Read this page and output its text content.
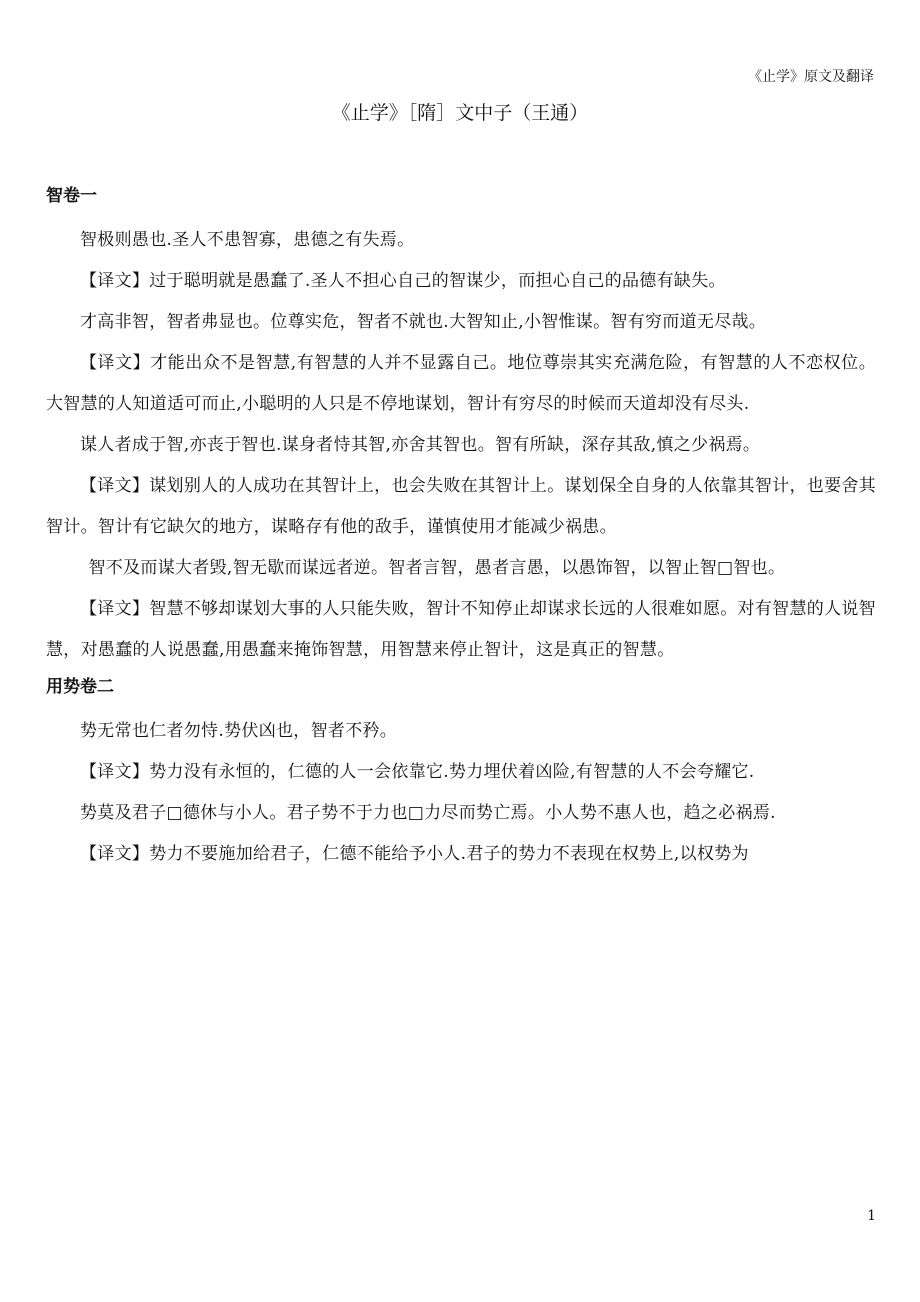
《止学》原文及翻译
《止学》［隋］文中子（王通）

智卷一

智极则愚也.圣人不患智寡，患德之有失焉。

【译文】过于聪明就是愚蠢了.圣人不担心自己的智谋少，而担心自己的品德有缺失。

才高非智，智者弗显也。位尊实危，智者不就也.大智知止,小智惟谋。智有穷而道无尽哉。

【译文】才能出众不是智慧,有智慧的人并不显露自己。地位尊崇其实充满危险，有智慧的人不恋权位。大智慧的人知道适可而止,小聪明的人只是不停地谋划，智计有穷尽的时候而天道却没有尽头.

谋人者成于智,亦丧于智也.谋身者恃其智,亦舍其智也。智有所缺，深存其敌,慎之少祸焉。

【译文】谋划别人的人成功在其智计上，也会失败在其智计上。谋划保全自身的人依靠其智计，也要舍其智计。智计有它缺欠的地方，谋略存有他的敌手，谨慎使用才能减少祸患。

智不及而谋大者毁,智无歇而谋远者逆。智者言智，愚者言愚，以愚饰智，以智止智□智也。

【译文】智慧不够却谋划大事的人只能失败，智计不知停止却谋求长远的人很难如愿。对有智慧的人说智慧，对愚蠢的人说愚蠢,用愚蠢来掩饰智慧，用智慧来停止智计，这是真正的智慧。

用势卷二

势无常也仁者勿恃.势伏凶也，智者不矜。

【译文】势力没有永恒的，仁德的人一会依靠它.势力埋伏着凶险,有智慧的人不会夸耀它.

势莫及君子□德休与小人。君子势不于力也□力尽而势亡焉。小人势不惠人也，趋之必祸焉.

【译文】势力不要施加给君子，仁德不能给予小人.君子的势力不表现在权势上,以权势为

1
